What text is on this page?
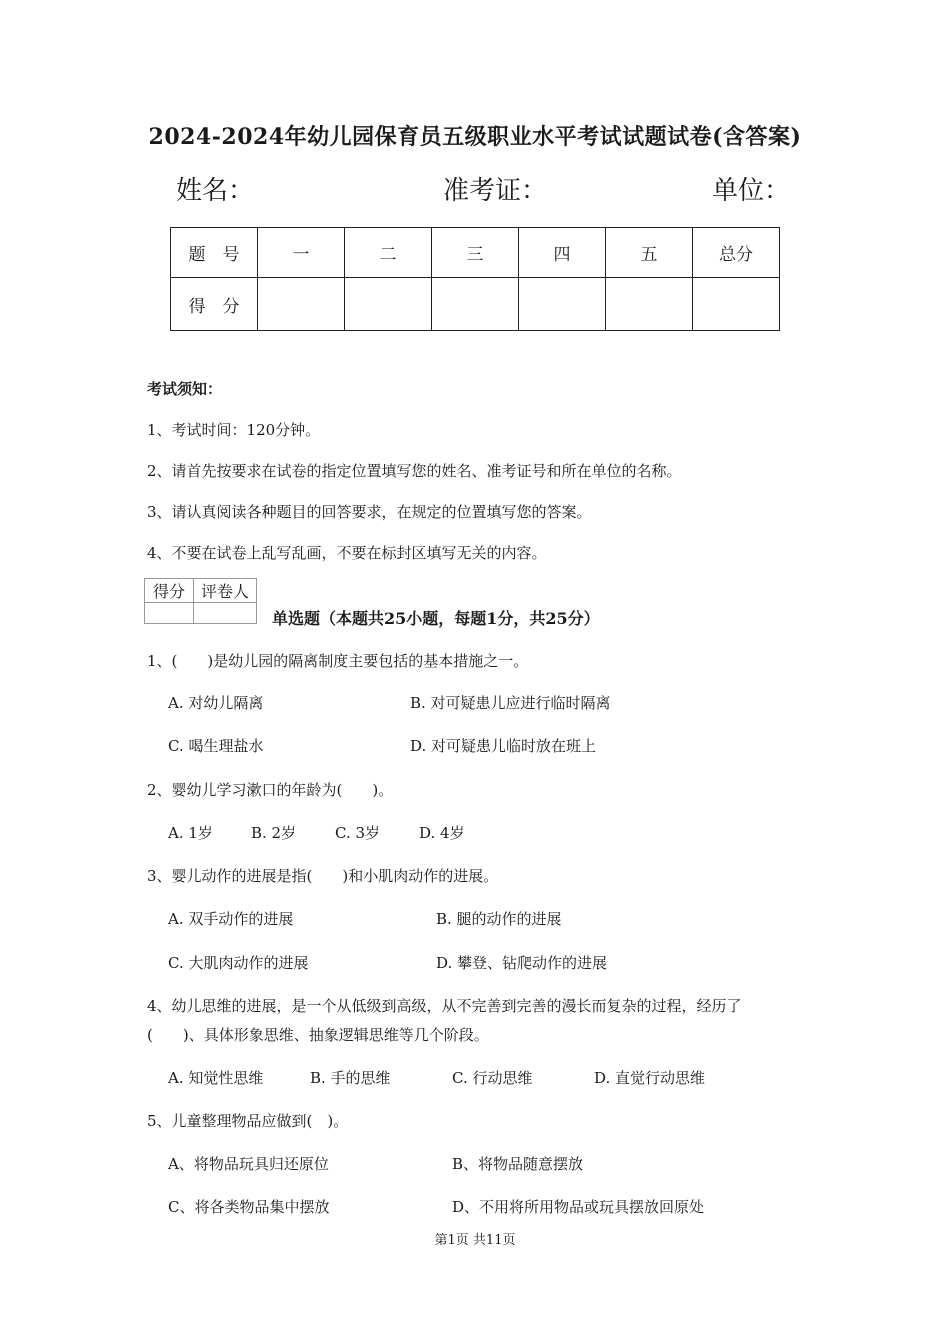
2024-2024年幼儿园保育员五级职业水平考试试题试卷(含答案)
姓名：	准考证：	单位：
题　号	一	二	三	四	五	总分
得　分						
考试须知：
1、考试时间：120分钟。
2、请首先按要求在试卷的指定位置填写您的姓名、准考证号和所在单位的名称。
3、请认真阅读各种题目的回答要求，在规定的位置填写您的答案。
4、不要在试卷上乱写乱画，不要在标封区填写无关的内容。
得分	评卷人

单选题（本题共25小题，每题1分，共25分）
1、(　　)是幼儿园的隔离制度主要包括的基本措施之一。
A. 对幼儿隔离	B. 对可疑患儿应进行临时隔离
C. 喝生理盐水	D. 对可疑患儿临时放在班上
2、婴幼儿学习漱口的年龄为(　　)。
A. 1岁	B. 2岁	C. 3岁	D. 4岁
3、婴儿动作的进展是指(　　)和小肌肉动作的进展。
A. 双手动作的进展	B. 腿的动作的进展
C. 大肌肉动作的进展	D. 攀登、钻爬动作的进展
4、幼儿思维的进展，是一个从低级到高级，从不完善到完善的漫长而复杂的过程，经历了
(　　)、具体形象思维、抽象逻辑思维等几个阶段。
A. 知觉性思维	B. 手的思维	C. 行动思维	D. 直觉行动思维
5、儿童整理物品应做到(　)。
A、将物品玩具归还原位	B、将物品随意摆放
C、将各类物品集中摆放	D、不用将所用物品或玩具摆放回原处
第1页 共11页
